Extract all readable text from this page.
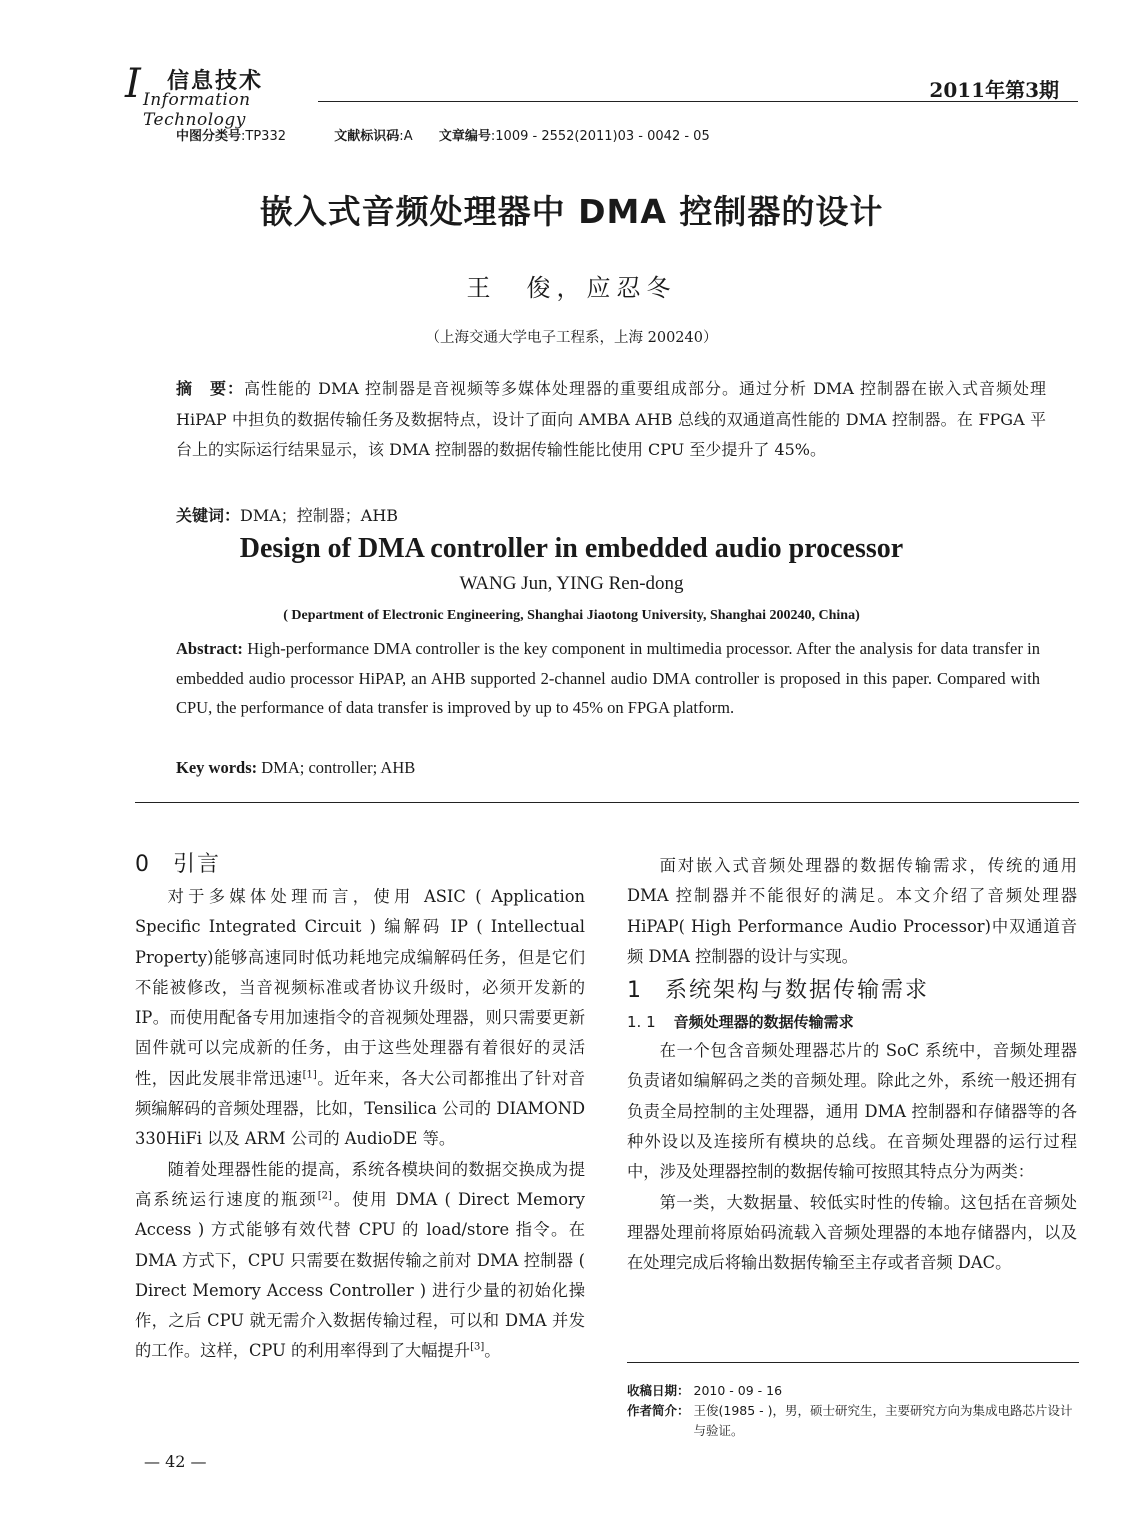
I 信息技术
Information Technology
2011年第3期
中图分类号:TP332	文献标识码:A 文章编号:1009 - 2552(2011)03 - 0042 - 05
嵌入式音频处理器中 DMA 控制器的设计
王　俊，应忍冬
（上海交通大学电子工程系，上海 200240）
摘　要：高性能的 DMA 控制器是音视频等多媒体处理器的重要组成部分。通过分析 DMA 控制器在嵌入式音频处理 HiPAP 中担负的数据传输任务及数据特点，设计了面向 AMBA AHB 总线的双通道高性能的 DMA 控制器。在 FPGA 平台上的实际运行结果显示，该 DMA 控制器的数据传输性能比使用 CPU 至少提升了 45%。
关键词：DMA；控制器；AHB
Design of DMA controller in embedded audio processor
WANG Jun, YING Ren-dong
( Department of Electronic Engineering, Shanghai Jiaotong University, Shanghai 200240, China)
Abstract: High-performance DMA controller is the key component in multimedia processor. After the analysis for data transfer in embedded audio processor HiPAP, an AHB supported 2-channel audio DMA controller is proposed in this paper. Compared with CPU, the performance of data transfer is improved by up to 45% on FPGA platform.
Key words: DMA; controller; AHB
0 引言

对于多媒体处理而言，使用 ASIC ( Application Specific Integrated Circuit ) 编解码 IP ( Intellectual Property)能够高速同时低功耗地完成编解码任务，但是它们不能被修改，当音视频标准或者协议升级时，必须开发新的 IP。而使用配备专用加速指令的音视频处理器，则只需要更新固件就可以完成新的任务，由于这些处理器有着很好的灵活性，因此发展非常迅速[1]。近年来，各大公司都推出了针对音频编解码的音频处理器，比如，Tensilica 公司的 DIAMOND 330HiFi 以及 ARM 公司的 AudioDE 等。

随着处理器性能的提高，系统各模块间的数据交换成为提高系统运行速度的瓶颈[2]。使用 DMA ( Direct Memory Access ) 方式能够有效代替 CPU 的 load/store 指令。在 DMA 方式下，CPU 只需要在数据传输之前对 DMA 控制器 ( Direct Memory Access Controller ) 进行少量的初始化操作，之后 CPU 就无需介入数据传输过程，可以和 DMA 并发的工作。这样，CPU 的利用率得到了大幅提升[3]。

面对嵌入式音频处理器的数据传输需求，传统的通用 DMA 控制器并不能很好的满足。本文介绍了音频处理器 HiPAP( High Performance Audio Processor)中双通道音频 DMA 控制器的设计与实现。

1 系统架构与数据传输需求
1. 1 音频处理器的数据传输需求

在一个包含音频处理器芯片的 SoC 系统中，音频处理器负责诸如编解码之类的音频处理。除此之外，系统一般还拥有负责全局控制的主处理器，通用 DMA 控制器和存储器等的各种外设以及连接所有模块的总线。在音频处理器的运行过程中，涉及处理器控制的数据传输可按照其特点分为两类：

第一类，大数据量、较低实时性的传输。这包括在音频处理器处理前将原始码流载入音频处理器的本地存储器内，以及在处理完成后将输出数据传输至主存或者音频 DAC。

收稿日期： 2010 - 09 - 16
作者简介： 王俊(1985 - )，男，硕士研究生，主要研究方向为集成电路芯片设计与验证。
— 42 —
